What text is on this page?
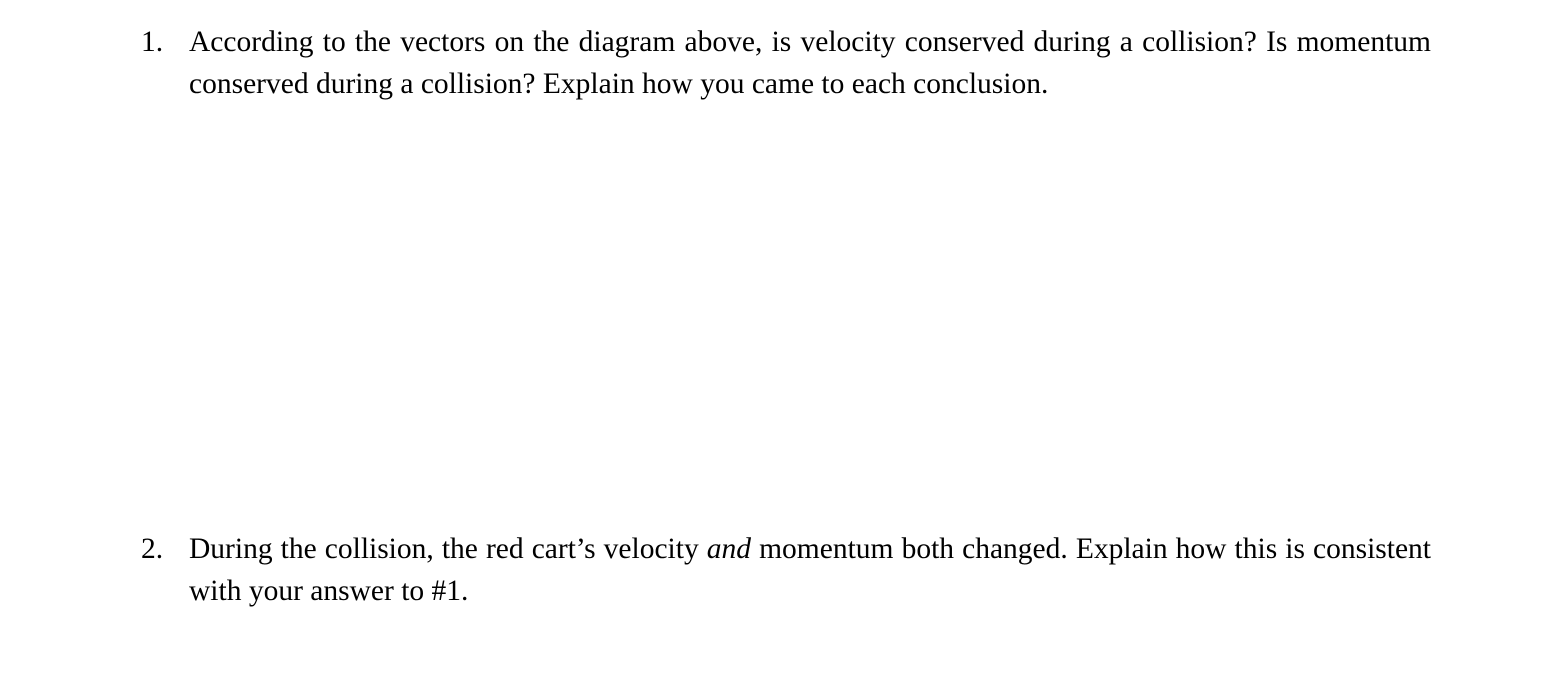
1. According to the vectors on the diagram above, is velocity conserved during a collision? Is momentum conserved during a collision? Explain how you came to each conclusion.
2. During the collision, the red cart’s velocity and momentum both changed. Explain how this is consistent with your answer to #1.
